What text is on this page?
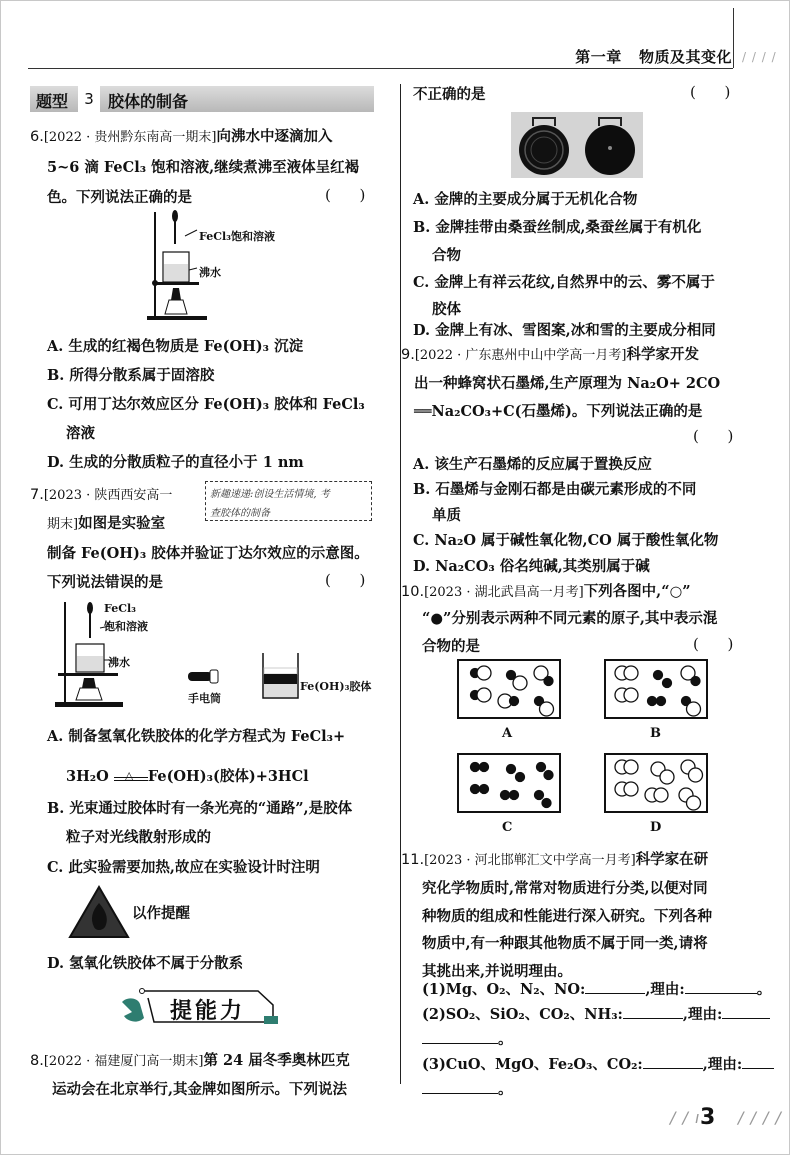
第一章 物质及其变化 / / / /
题型	3 胶体的制备
6.[2022 · 贵州黔东南高一期末]向沸水中逐滴加入
5~6 滴 FeCl₃ 饱和溶液,继续煮沸至液体呈红褐
色。下列说法正确的是	(      )
FeCl₃饱和溶液
沸水
A. 生成的红褐色物质是 Fe(OH)₃ 沉淀
B. 所得分散系属于固溶胶
C. 可用丁达尔效应区分 Fe(OH)₃ 胶体和 FeCl₃
溶液
D. 生成的分散质粒子的直径小于 1 nm
7.[2023 · 陕西西安高一
期末]如图是实验室
新趣速递:创设生活情境, 考
查胶体的制备
制备 Fe(OH)₃ 胶体并验证丁达尔效应的示意图。
下列说法错误的是	(      )
FeCl₃
饱和溶液
沸水
手电筒
Fe(OH)₃胶体
A. 制备氢氧化铁胶体的化学方程式为 FeCl₃+
3H₂O △ Fe(OH)₃(胶体)+3HCl
B. 光束通过胶体时有一条光亮的“通路”,是胶体
粒子对光线散射形成的
C. 此实验需要加热,故应在实验设计时注明
以作提醒
D. 氢氧化铁胶体不属于分散系
提能力
8.[2022 · 福建厦门高一期末]第 24 届冬季奥林匹克
运动会在北京举行,其金牌如图所示。下列说法
不正确的是	(      )
A. 金牌的主要成分属于无机化合物
B. 金牌挂带由桑蚕丝制成,桑蚕丝属于有机化
合物
C. 金牌上有祥云花纹,自然界中的云、雾不属于
胶体
D. 金牌上有冰、雪图案,冰和雪的主要成分相同
9.[2022 · 广东惠州中山中学高一月考]科学家开发
出一种蜂窝状石墨烯,生产原理为 Na₂O+ 2CO
══Na₂CO₃+C(石墨烯)。下列说法正确的是
(      )
A. 该生产石墨烯的反应属于置换反应
B. 石墨烯与金刚石都是由碳元素形成的不同
单质
C. Na₂O 属于碱性氧化物,CO 属于酸性氧化物
D. Na₂CO₃ 俗名纯碱,其类别属于碱
10.[2023 · 湖北武昌高一月考]下列各图中,“○”
“●”分别表示两种不同元素的原子,其中表示混
合物的是	(      )
A	B
C	D
11.[2023 · 河北邯郸汇文中学高一月考]科学家在研
究化学物质时,常常对物质进行分类,以便对同
种物质的组成和性能进行深入研究。下列各种
物质中,有一种跟其他物质不属于同一类,请将
其挑出来,并说明理由。
(1)Mg、O₂、N₂、NO:	,理由:	。
(2)SO₂、SiO₂、CO₂、NH₃:	,理由:
。
(3)CuO、MgO、Fe₂O₃、CO₂:	,理由:
。
/ / ı 3 / / / /
